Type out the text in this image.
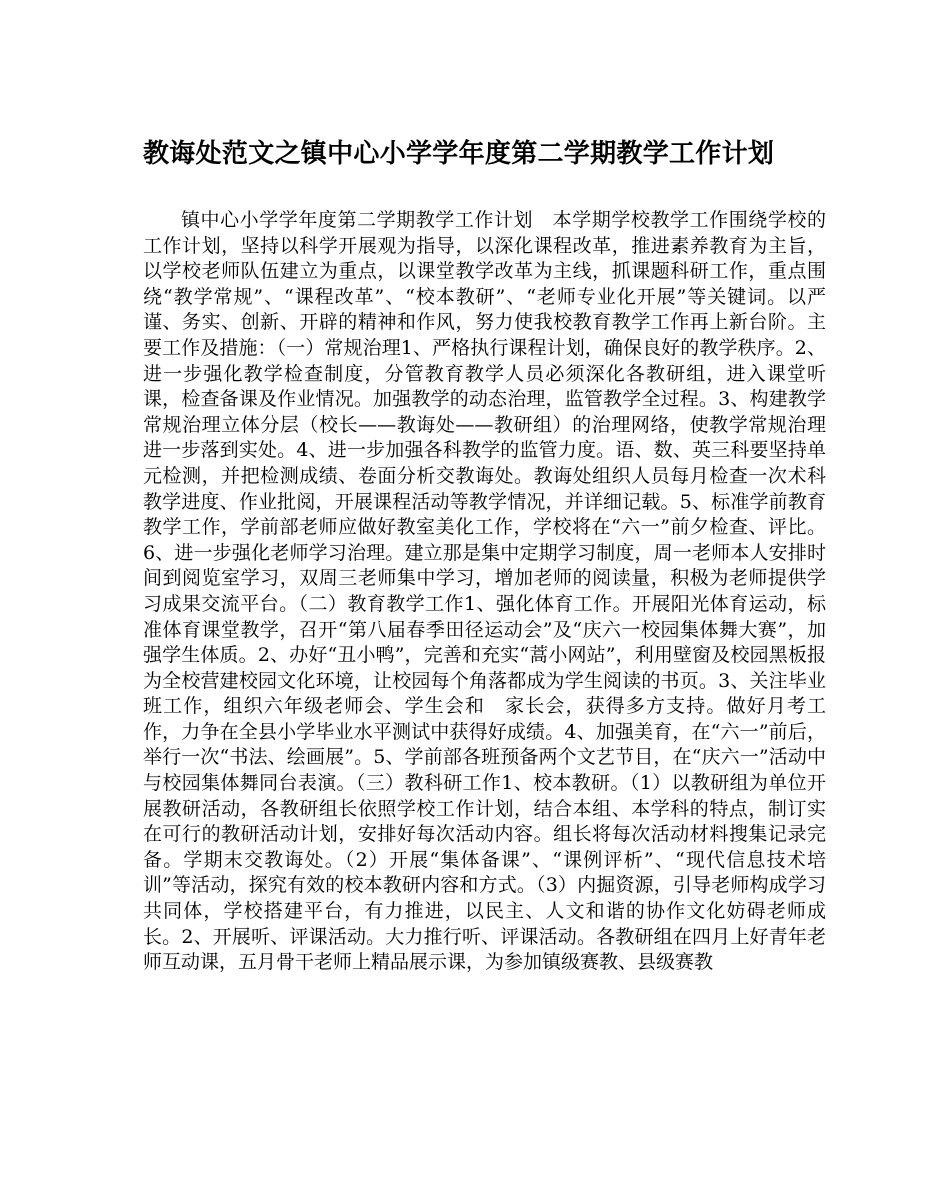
教诲处范文之镇中心小学学年度第二学期教学工作计划

镇中心小学学年度第二学期教学工作计划　本学期学校教学工作围绕学校的工作计划，坚持以科学开展观为指导，以深化课程改革，推进素养教育为主旨，以学校老师队伍建立为重点，以课堂教学改革为主线，抓课题科研工作，重点围绕“教学常规”、“课程改革”、“校本教研”、“老师专业化开展”等关键词。以严谨、务实、创新、开辟的精神和作风，努力使我校教育教学工作再上新台阶。主要工作及措施：（一）常规治理1、严格执行课程计划，确保良好的教学秩序。2、进一步强化教学检查制度，分管教育教学人员必须深化各教研组，进入课堂听课，检查备课及作业情况。加强教学的动态治理，监管教学全过程。3、构建教学常规治理立体分层（校长——教诲处——教研组）的治理网络，使教学常规治理进一步落到实处。4、进一步加强各科教学的监管力度。语、数、英三科要坚持单元检测，并把检测成绩、卷面分析交教诲处。教诲处组织人员每月检查一次术科教学进度、作业批阅，开展课程活动等教学情况，并详细记载。5、标准学前教育教学工作，学前部老师应做好教室美化工作，学校将在“六一”前夕检查、评比。6、进一步强化老师学习治理。建立那是集中定期学习制度，周一老师本人安排时间到阅览室学习，双周三老师集中学习，增加老师的阅读量，积极为老师提供学习成果交流平台。（二）教育教学工作1、强化体育工作。开展阳光体育运动，标准体育课堂教学，召开“第八届春季田径运动会”及“庆六一校园集体舞大赛”，加强学生体质。2、办好“丑小鸭”，完善和充实“蒿小网站”，利用壁窗及校园黑板报为全校营建校园文化环境，让校园每个角落都成为学生阅读的书页。3、关注毕业班工作，组织六年级老师会、学生会和　家长会，获得多方支持。做好月考工作，力争在全县小学毕业水平测试中获得好成绩。4、加强美育，在“六一”前后，举行一次“书法、绘画展”。5、学前部各班预备两个文艺节目，在“庆六一”活动中与校园集体舞同台表演。（三）教科研工作1、校本教研。（1）以教研组为单位开展教研活动，各教研组长依照学校工作计划，结合本组、本学科的特点，制订实在可行的教研活动计划，安排好每次活动内容。组长将每次活动材料搜集记录完备。学期末交教诲处。（2）开展“集体备课”、“课例评析”、“现代信息技术培训”等活动，探究有效的校本教研内容和方式。（3）内掘资源，引导老师构成学习共同体，学校搭建平台，有力推进，以民主、人文和谐的协作文化妨碍老师成长。2、开展听、评课活动。大力推行听、评课活动。各教研组在四月上好青年老师互动课，五月骨干老师上精品展示课，为参加镇级赛教、县级赛教
